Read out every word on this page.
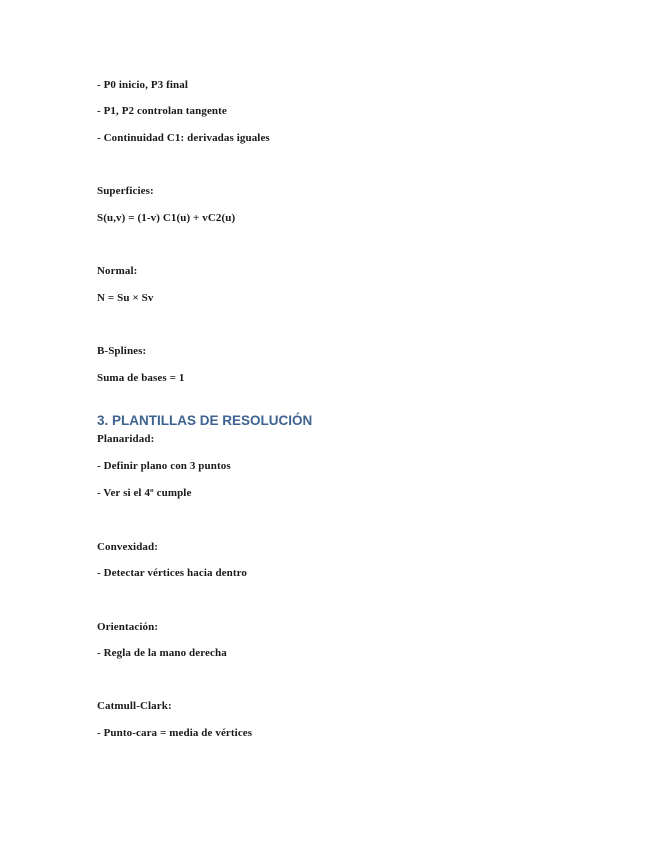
- P0 inicio, P3 final
- P1, P2 controlan tangente
- Continuidad C1: derivadas iguales
Superficies:
S(u,v) = (1-v) C1(u) + vC2(u)
Normal:
N = Su × Sv
B-Splines:
Suma de bases = 1
3. PLANTILLAS DE RESOLUCIÓN
Planaridad:
- Definir plano con 3 puntos
- Ver si el 4º cumple
Convexidad:
- Detectar vértices hacia dentro
Orientación:
- Regla de la mano derecha
Catmull-Clark:
- Punto-cara = media de vértices
